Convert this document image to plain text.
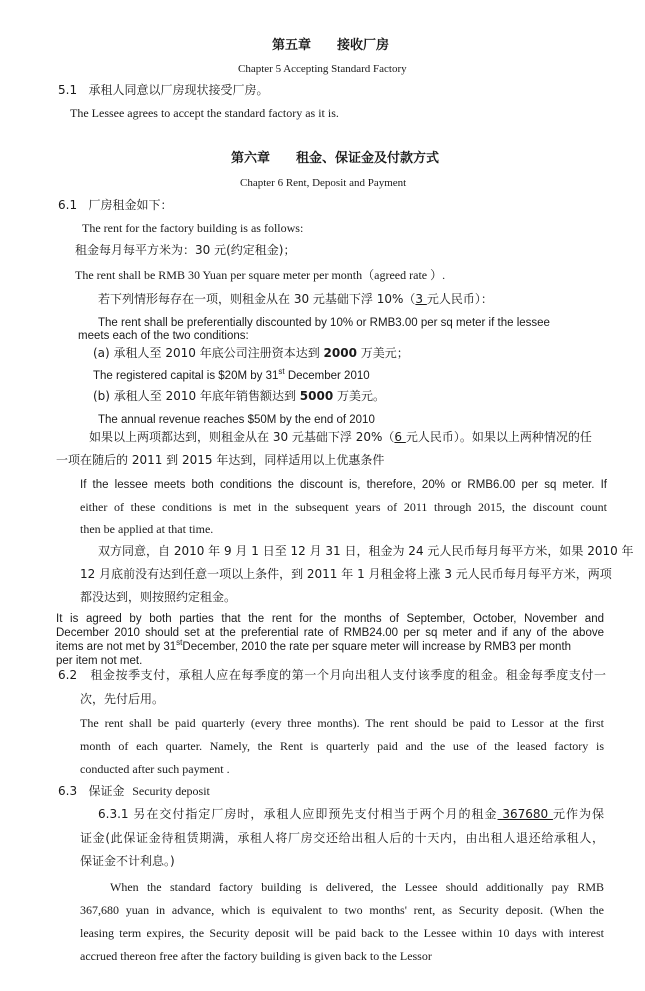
第五章　　接收厂房
Chapter 5 Accepting Standard Factory
5.1 承租人同意以厂房现状接受厂房。
The Lessee agrees to accept the standard factory as it is.
第六章　　租金、保证金及付款方式
Chapter 6 Rent, Deposit and Payment
6.1 厂房租金如下：
The rent for the factory building is as follows:
租金每月每平方米为：30 元(约定租金)；
The rent shall be RMB 30 Yuan per square meter per month（agreed rate ）.
若下列情形每存在一项，则租金从在 30 元基础下浮 10%（3 元人民币）：
The rent shall be preferentially discounted by 10% or RMB3.00 per sq meter if the lessee
meets each of the two conditions:
(a) 承租人至 2010 年底公司注册资本达到 2000 万美元；
The registered capital is $20M by 31st December 2010
(b) 承租人至 2010 年底年销售额达到 5000 万美元。
The annual revenue reaches $50M by the end of 2010
如果以上两项都达到，则租金从在 30 元基础下浮 20%（6 元人民币）。如果以上两种情况的任
一项在随后的 2011 到 2015 年达到，同样适用以上优惠条件
If the lessee meets both conditions the discount is, therefore, 20% or RMB6.00 per sq meter. If
either of these conditions is met in the subsequent years of 2011 through 2015, the discount count
then be applied at that time.
双方同意，自 2010 年 9 月 1 日至 12 月 31 日，租金为 24 元人民币每月每平方米，如果 2010 年
12 月底前没有达到任意一项以上条件，到 2011 年 1 月租金将上涨 3 元人民币每月每平方米，两项
都没达到，则按照约定租金。
It is agreed by both parties that the rent for the months of September, October, November and
December 2010 should set at the preferential rate of RMB24.00 per sq meter and if any of the above
items are not met by 31stDecember, 2010 the rate per square meter will increase by RMB3 per month
per item not met.
6.2 租金按季支付，承租人应在每季度的第一个月向出租人支付该季度的租金。租金每季度支付一
次，先付后用。
The rent shall be paid quarterly (every three months). The rent should be paid to Lessor at the first
month of each quarter. Namely, the Rent is quarterly paid and the use of the leased factory is
conducted after such payment .
6.3 保证金 Security deposit
6.3.1 另在交付指定厂房时，承租人应即预先支付相当于两个月的租金 367680 元作为保
证金(此保证金待租赁期满，承租人将厂房交还给出租人后的十天内，由出租人退还给承租人，
保证金不计利息。)
When the standard factory building is delivered, the Lessee should additionally pay RMB
367,680 yuan in advance, which is equivalent to two months' rent, as Security deposit. (When the
leasing term expires, the Security deposit will be paid back to the Lessee within 10 days with interest
accrued thereon free after the factory building is given back to the Lessor
